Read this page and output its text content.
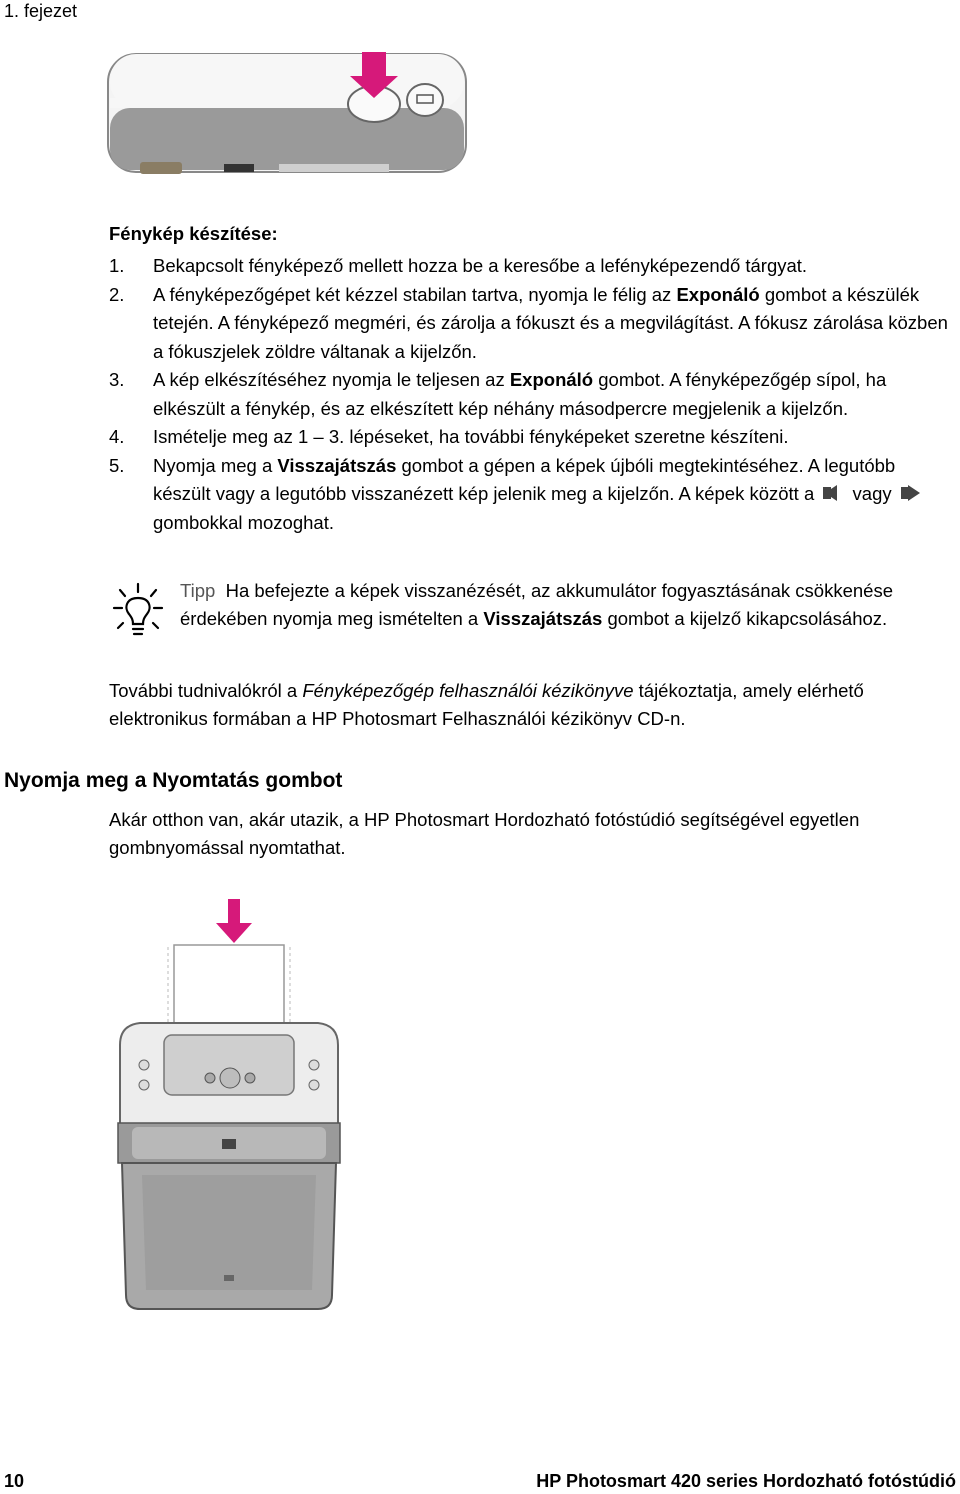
1. fejezet
Fénykép készítése:
1. Bekapcsolt fényképező mellett hozza be a keresőbe a lefényképezendő tárgyat.
2. A fényképezőgépet két kézzel stabilan tartva, nyomja le félig az Exponáló gombot a készülék tetején. A fényképező megméri, és zárolja a fókuszt és a megvilágítást. A fókusz zárolása közben a fókuszjelek zöldre váltanak a kijelzőn.
3. A kép elkészítéséhez nyomja le teljesen az Exponáló gombot. A fényképezőgép sípol, ha elkészült a fénykép, és az elkészített kép néhány másodpercre megjelenik a kijelzőn.
4. Ismételje meg az 1 – 3. lépéseket, ha további fényképeket szeretne készíteni.
5. Nyomja meg a Visszajátszás gombot a gépen a képek újbóli megtekintéséhez. A legutóbb készült vagy a legutóbb visszanézett kép jelenik meg a kijelzőn. A képek között a  vagy  gombokkal mozoghat.
Tipp Ha befejezte a képek visszanézését, az akkumulátor fogyasztásának csökkenése érdekében nyomja meg ismételten a Visszajátszás gombot a kijelző kikapcsolásához.
További tudnivalókról a Fényképezőgép felhasználói kézikönyve tájékoztatja, amely elérhető elektronikus formában a HP Photosmart Felhasználói kézikönyv CD-n.
Nyomja meg a Nyomtatás gombot
Akár otthon van, akár utazik, a HP Photosmart Hordozható fotóstúdió segítségével egyetlen gombnyomással nyomtathat.
10	HP Photosmart 420 series Hordozható fotóstúdió
